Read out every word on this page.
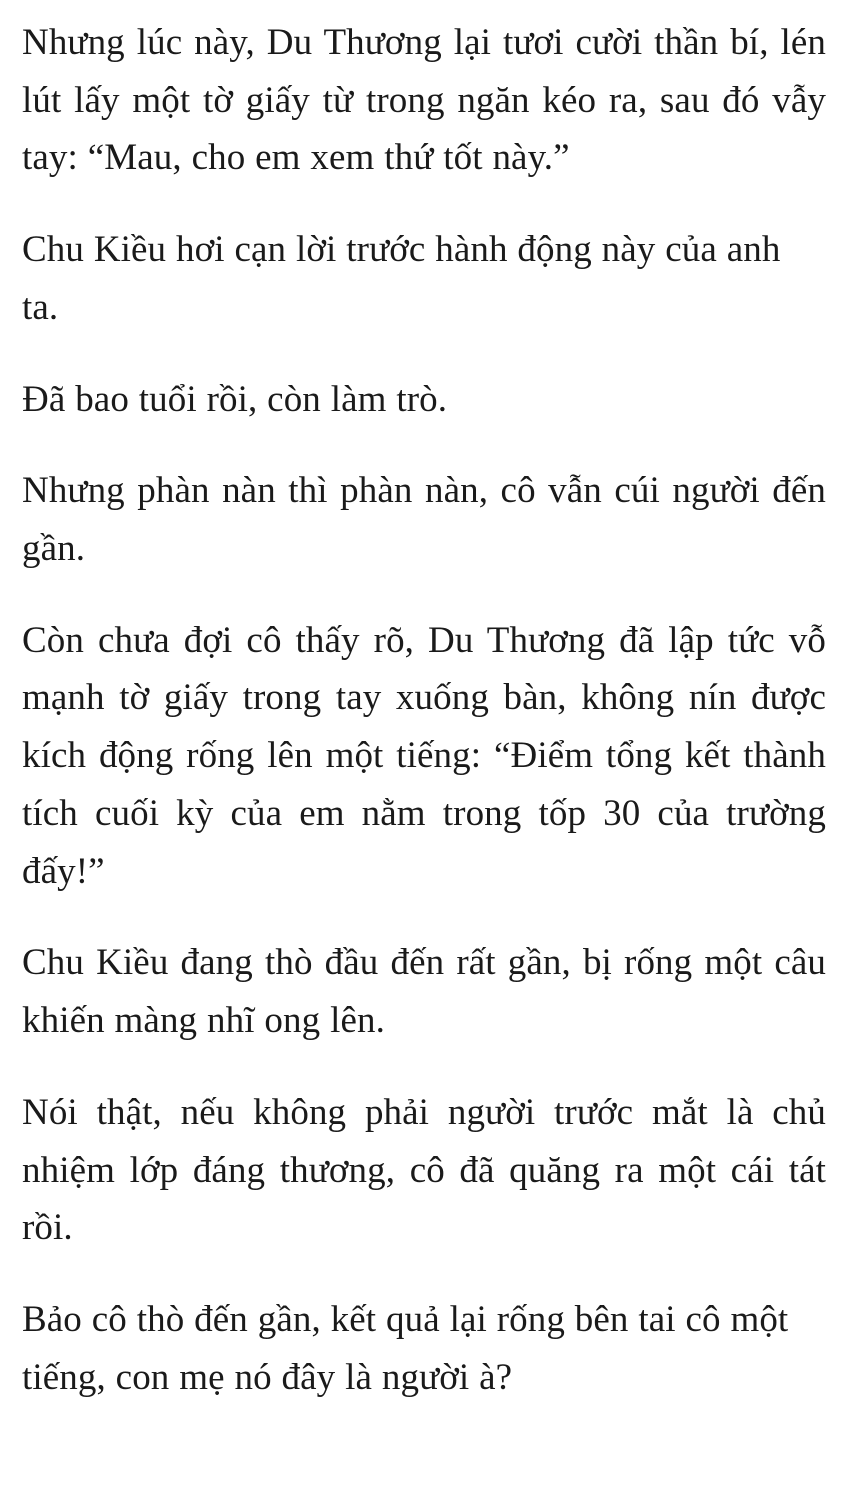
Nhưng lúc này, Du Thương lại tươi cười thần bí, lén lút lấy một tờ giấy từ trong ngăn kéo ra, sau đó vẫy tay: “Mau, cho em xem thứ tốt này.”

Chu Kiều hơi cạn lời trước hành động này của anh ta.

Đã bao tuổi rồi, còn làm trò.

Nhưng phàn nàn thì phàn nàn, cô vẫn cúi người đến gần.

Còn chưa đợi cô thấy rõ, Du Thương đã lập tức vỗ mạnh tờ giấy trong tay xuống bàn, không nín được kích động rống lên một tiếng: “Điểm tổng kết thành tích cuối kỳ của em nằm trong tốp 30 của trường đấy!”

Chu Kiều đang thò đầu đến rất gần, bị rống một câu khiến màng nhĩ ong lên.

Nói thật, nếu không phải người trước mắt là chủ nhiệm lớp đáng thương, cô đã quăng ra một cái tát rồi.

Bảo cô thò đến gần, kết quả lại rống bên tai cô một tiếng, con mẹ nó đây là người à?
